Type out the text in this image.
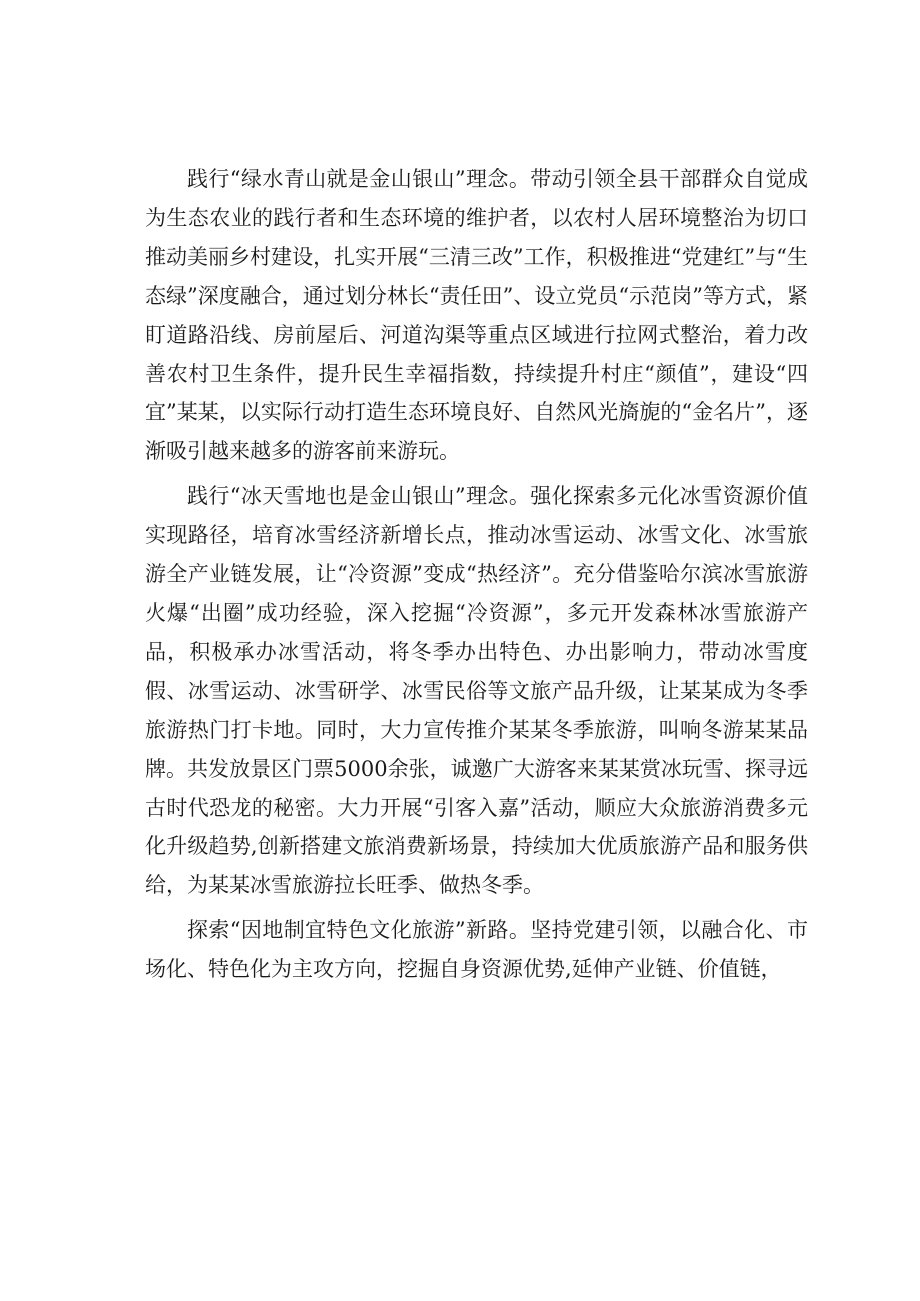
践行“绿水青山就是金山银山”理念。带动引领全县干部群众自觉成为生态农业的践行者和生态环境的维护者，以农村人居环境整治为切口推动美丽乡村建设，扎实开展“三清三改”工作，积极推进“党建红”与“生态绿”深度融合，通过划分林长“责任田”、设立党员“示范岗”等方式，紧盯道路沿线、房前屋后、河道沟渠等重点区域进行拉网式整治，着力改善农村卫生条件，提升民生幸福指数，持续提升村庄“颜值”，建设“四宜”某某，以实际行动打造生态环境良好、自然风光旖旎的“金名片”，逐渐吸引越来越多的游客前来游玩。

践行“冰天雪地也是金山银山”理念。强化探索多元化冰雪资源价值实现路径，培育冰雪经济新增长点，推动冰雪运动、冰雪文化、冰雪旅游全产业链发展，让“冷资源”变成“热经济”。充分借鉴哈尔滨冰雪旅游火爆“出圈”成功经验，深入挖掘“冷资源”，多元开发森林冰雪旅游产品，积极承办冰雪活动，将冬季办出特色、办出影响力，带动冰雪度假、冰雪运动、冰雪研学、冰雪民俗等文旅产品升级，让某某成为冬季旅游热门打卡地。同时，大力宣传推介某某冬季旅游，叫响冬游某某品牌。共发放景区门票5000余张，诚邀广大游客来某某赏冰玩雪、探寻远古时代恐龙的秘密。大力开展“引客入嘉”活动，顺应大众旅游消费多元化升级趋势,创新搭建文旅消费新场景，持续加大优质旅游产品和服务供给，为某某冰雪旅游拉长旺季、做热冬季。

探索“因地制宜特色文化旅游”新路。坚持党建引领，以融合化、市场化、特色化为主攻方向，挖掘自身资源优势,延伸产业链、价值链，
